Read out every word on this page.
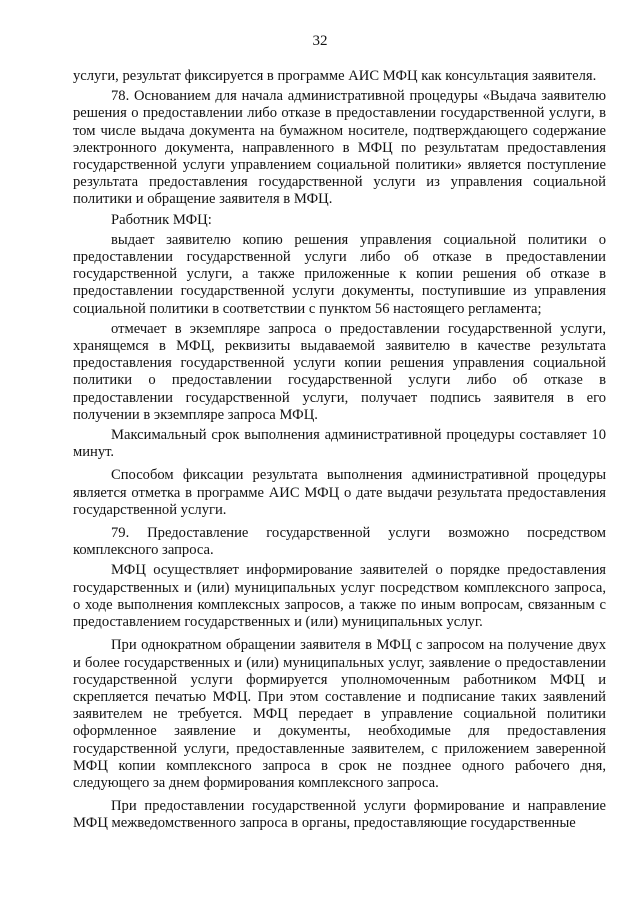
32

услуги, результат фиксируется в программе АИС МФЦ как консультация заявителя.

78. Основанием для начала административной процедуры «Выдача заявителю решения о предоставлении либо отказе в предоставлении государственной услуги, в том числе выдача документа на бумажном носителе, подтверждающего содержание электронного документа, направленного в МФЦ по результатам предоставления государственной услуги управлением социальной политики» является поступление результата предоставления государственной услуги из управления социальной политики и обращение заявителя в МФЦ.

Работник МФЦ:

выдает заявителю копию решения управления социальной политики о предоставлении государственной услуги либо об отказе в предоставлении государственной услуги, а также приложенные к копии решения об отказе в предоставлении государственной услуги документы, поступившие из управления социальной политики в соответствии с пунктом 56 настоящего регламента;

отмечает в экземпляре запроса о предоставлении государственной услуги, хранящемся в МФЦ, реквизиты выдаваемой заявителю в качестве результата предоставления государственной услуги копии решения управления социальной политики о предоставлении государственной услуги либо об отказе в предоставлении государственной услуги, получает подпись заявителя в его получении в экземпляре запроса МФЦ.

Максимальный срок выполнения административной процедуры составляет 10 минут.

Способом фиксации результата выполнения административной процедуры является отметка в программе АИС МФЦ о дате выдачи результата предоставления государственной услуги.

79. Предоставление государственной услуги возможно посредством комплексного запроса.

МФЦ осуществляет информирование заявителей о порядке предоставления государственных и (или) муниципальных услуг посредством комплексного запроса, о ходе выполнения комплексных запросов, а также по иным вопросам, связанным с предоставлением государственных и (или) муниципальных услуг.

При однократном обращении заявителя в МФЦ с запросом на получение двух и более государственных и (или) муниципальных услуг, заявление о предоставлении государственной услуги формируется уполномоченным работником МФЦ и скрепляется печатью МФЦ. При этом составление и подписание таких заявлений заявителем не требуется. МФЦ передает в управление социальной политики оформленное заявление и документы, необходимые для предоставления государственной услуги, предоставленные заявителем, с приложением заверенной МФЦ копии комплексного запроса в срок не позднее одного рабочего дня, следующего за днем формирования комплексного запроса.

При предоставлении государственной услуги формирование и направление МФЦ межведомственного запроса в органы, предоставляющие государственные
